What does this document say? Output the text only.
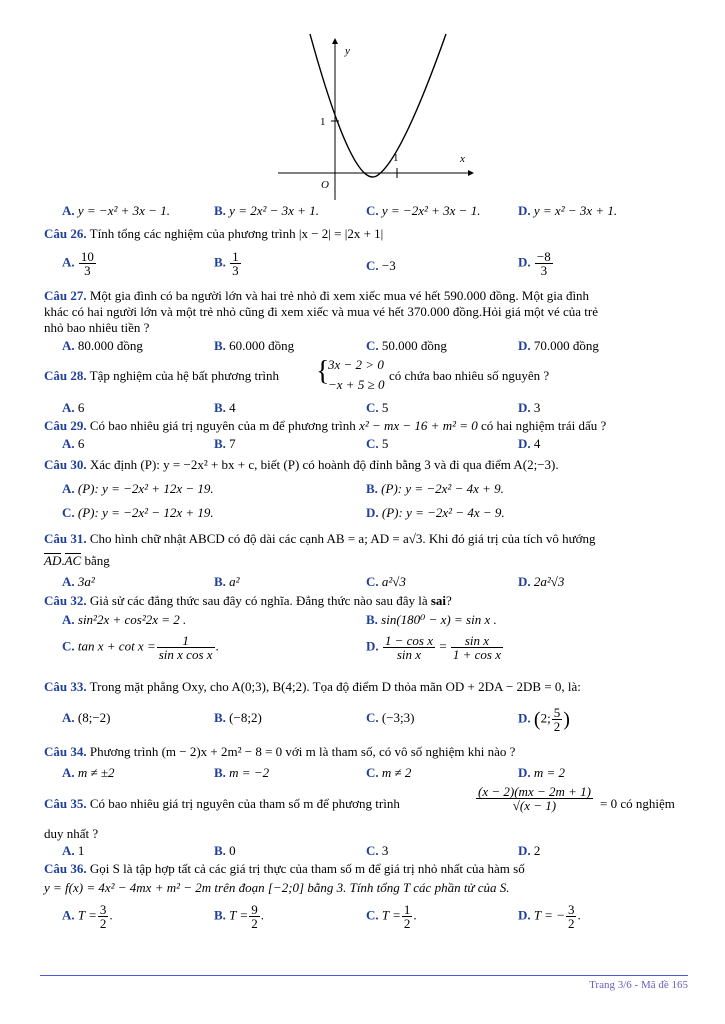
y
x
O
1
1
A. y = −x² + 3x − 1.	B. y = 2x² − 3x + 1.	C. y = −2x² + 3x − 1.	D. y = x² − 3x + 1.
Câu 26. Tính tổng các nghiệm của phương trình |x − 2| = |2x + 1|
A. $\frac{10}{3}$	B. $\frac{1}{3}$	C. −3	D. $\frac{-8}{3}$
Câu 27. Một gia đình có ba người lớn và hai trẻ nhỏ đi xem xiếc mua vé hết 590.000 đồng. Một gia đình
khác có hai người lớn và một trẻ nhỏ cũng đi xem xiếc và mua vé hết 370.000 đồng.Hỏi giá một vé của trẻ
nhỏ bao nhiêu tiền ?
A. 80.000 đồng	B. 60.000 đồng	C. 50.000 đồng	D. 70.000 đồng
Câu 28. Tập nghiệm của hệ bất phương trình {
3x − 2 > 0
−x + 5 ≥ 0
có chứa bao nhiêu số nguyên ?
A. 6	B. 4	C. 5	D. 3
Câu 29. Có bao nhiêu giá trị nguyên của m để phương trình x² − mx − 16 + m² = 0 có hai nghiệm trái dấu ?
A. 6	B. 7	C. 5	D. 4
Câu 30. Xác định (P): y = −2x² + bx + c, biết (P) có hoành độ đỉnh bằng 3 và đi qua điểm A(2;−3).
A. (P): y = −2x² + 12x − 19.	B. (P): y = −2x² − 4x + 9.
C. (P): y = −2x² − 12x + 19.	D. (P): y = −2x² − 4x − 9.
Câu 31. Cho hình chữ nhật ABCD có độ dài các cạnh AB = a; AD = a√3. Khi đó giá trị của tích vô hướng
AD.AC bằng
A. 3a²	B. a²	C. a²√3	D. 2a²√3
Câu 32. Giả sử các đẳng thức sau đây có nghĩa. Đẳng thức nào sau đây là sai?
A. sin²2x + cos²2x = 2 .	B. sin(180⁰ − x) = sin x .
C. $\tan x + \cot x = \frac{1}{\text{sin x cos x}}$ .	D. $\frac{\text{1 − cos x}}{\text{sin x}} = \frac{\text{sin x}}{\text{1 + cos x}}$
Câu 33. Trong mặt phẳng Oxy, cho A(0;3), B(4;2). Tọa độ điểm D thỏa mãn OD + 2DA − 2DB = 0, là:
A. (8;−2)	B. (−8;2)	C. (−3;3)	D. (2; $\frac{5}{2}$ )
Câu 34. Phương trình (m − 2)x + 2m² − 8 = 0 với m là tham số, có vô số nghiệm khi nào ?
A. m ≠ ±2	B. m = −2	C. m ≠ 2	D. m = 2
Câu 35. Có bao nhiêu giá trị nguyên của tham số m để phương trình	$\frac{(x - 2)(mx - 2m + 1)}{√(x - 1)} = 0$ có nghiệm
duy nhất ?
A. 1	B. 0	C. 3	D. 2
Câu 36. Gọi S là tập hợp tất cả các giá trị thực của tham số m để giá trị nhỏ nhất của hàm số
y = f(x) = 4x² − 4mx + m² − 2m trên đoạn [−2;0] bằng 3. Tính tổng T các phần tử của S.
A. $T = \frac{3}{2}$ .	B. $T = \frac{9}{2}$ .	C. $T = \frac{1}{2}$ .	D. T = − $\frac{3}{2}$ .
Trang 3/6 - Mã đề 165
